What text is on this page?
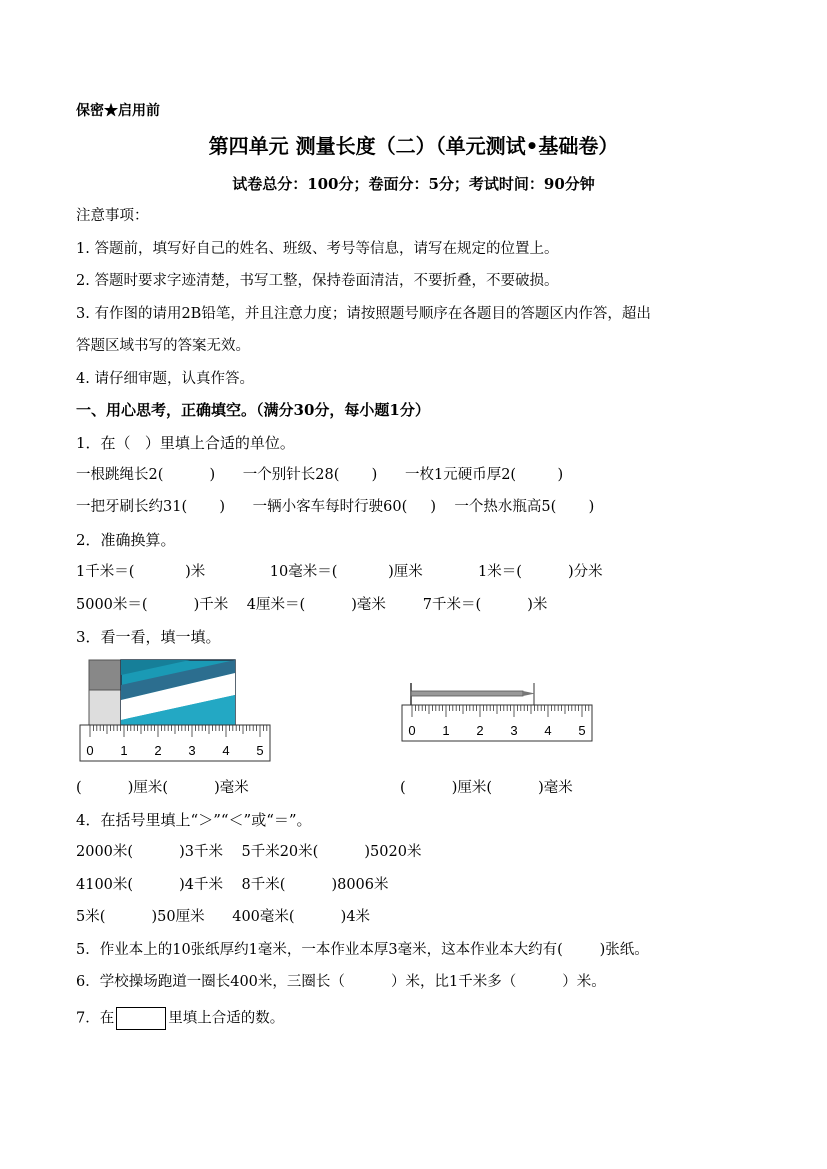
保密★启用前
第四单元 测量长度（二）（单元测试•基础卷）
试卷总分：100分；卷面分：5分；考试时间：90分钟
注意事项：
1. 答题前，填写好自己的姓名、班级、考号等信息，请写在规定的位置上。
2. 答题时要求字迹清楚，书写工整，保持卷面清洁，不要折叠，不要破损。
3. 有作图的请用2B铅笔，并且注意力度；请按照题号顺序在各题目的答题区内作答，超出
答题区域书写的答案无效。
4. 请仔细审题，认真作答。
一、用心思考，正确填空。（满分30分，每小题1分）
1．在（   ）里填上合适的单位。
一根跳绳长2(          )      一个别针长28(       )      一枚1元硬币厚2(         )
一把牙刷长约31(       )      一辆小客车每时行驶60(     )    一个热水瓶高5(       )
2．准确换算。
1千米＝(           )米              10毫米＝(           )厘米            1米＝(          )分米
5000米＝(          )千米    4厘米＝(          )毫米        7千米＝(          )米
3．看一看，填一填。
0 1 2 3 4 5
0 1 2 3 4 5
(          )厘米(          )毫米	(          )厘米(          )毫米
4．在括号里填上“＞”“＜”或“＝”。
2000米(          )3千米    5千米20米(          )5020米
4100米(          )4千米    8千米(          )8006米
5米(          )50厘米      400毫米(          )4米
5．作业本上的10张纸厚约1毫米，一本作业本厚3毫米，这本作业本大约有(        )张纸。
6．学校操场跑道一圈长400米，三圈长（          ）米，比1千米多（          ）米。
7．在	里填上合适的数。
